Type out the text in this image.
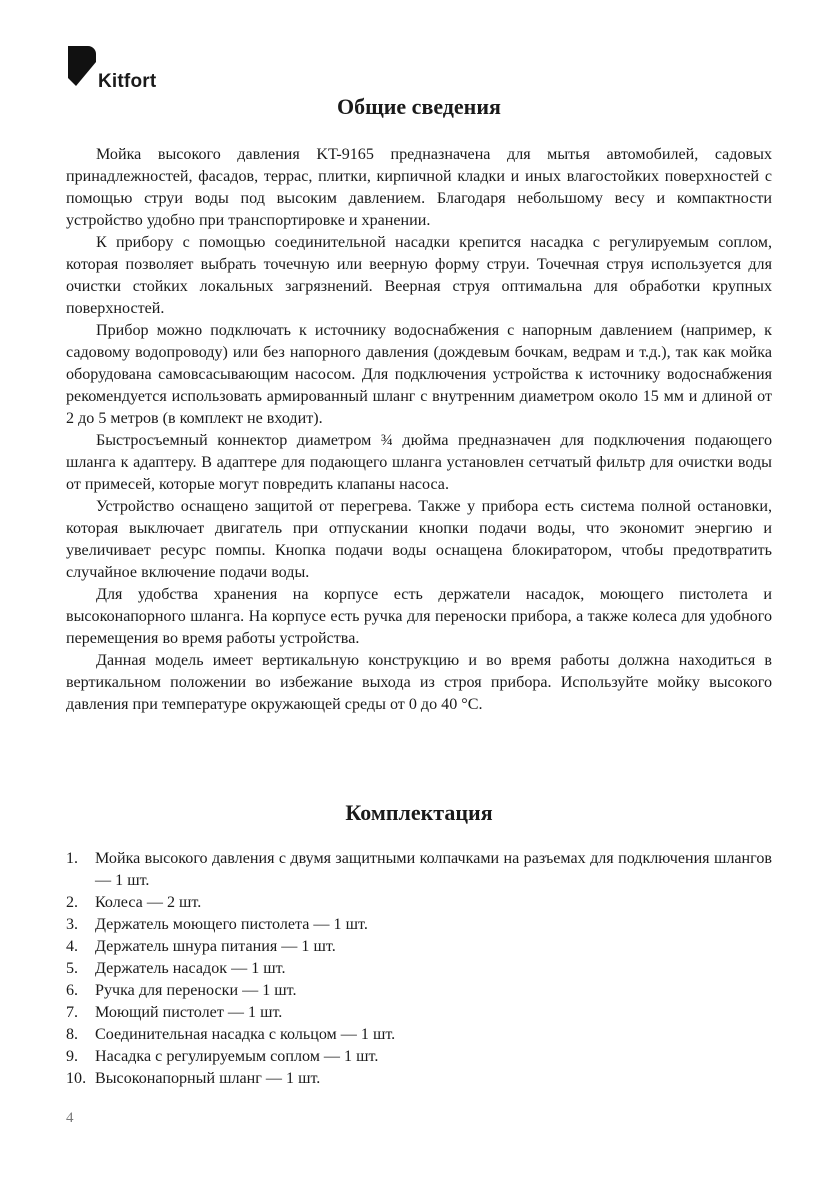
Kitfort
Общие сведения

Мойка высокого давления KT-9165 предназначена для мытья автомобилей, садовых принадлежностей, фасадов, террас, плитки, кирпичной кладки и иных влагостойких поверхностей с помощью струи воды под высоким давлением. Благодаря небольшому весу и компактности устройство удобно при транспортировке и хранении.

К прибору с помощью соединительной насадки крепится насадка с регулируемым соплом, которая позволяет выбрать точечную или веерную форму струи. Точечная струя используется для очистки стойких локальных загрязнений. Веерная струя оптимальна для обработки крупных поверхностей.

Прибор можно подключать к источнику водоснабжения с напорным давлением (например, к садовому водопроводу) или без напорного давления (дождевым бочкам, ведрам и т.д.), так как мойка оборудована самовсасывающим насосом. Для подключения устройства к источнику водоснабжения рекомендуется использовать армированный шланг с внутренним диаметром около 15 мм и длиной от 2 до 5 метров (в комплект не входит).

Быстросъемный коннектор диаметром ¾ дюйма предназначен для подключения подающего шланга к адаптеру. В адаптере для подающего шланга установлен сетчатый фильтр для очистки воды от примесей, которые могут повредить клапаны насоса.

Устройство оснащено защитой от перегрева. Также у прибора есть система полной остановки, которая выключает двигатель при отпускании кнопки подачи воды, что экономит энергию и увеличивает ресурс помпы. Кнопка подачи воды оснащена блокиратором, чтобы предотвратить случайное включение подачи воды.

Для удобства хранения на корпусе есть держатели насадок, моющего пистолета и высоконапорного шланга. На корпусе есть ручка для переноски прибора, а также колеса для удобного перемещения во время работы устройства.

Данная модель имеет вертикальную конструкцию и во время работы должна находиться в вертикальном положении во избежание выхода из строя прибора. Используйте мойку высокого давления при температуре окружающей среды от 0 до 40 °С.

Комплектация
1. Мойка высокого давления с двумя защитными колпачками на разъемах для подключения шлангов — 1 шт.
2. Колеса — 2 шт.
3. Держатель моющего пистолета — 1 шт.
4. Держатель шнура питания — 1 шт.
5. Держатель насадок — 1 шт.
6. Ручка для переноски — 1 шт.
7. Моющий пистолет — 1 шт.
8. Соединительная насадка с кольцом — 1 шт.
9. Насадка с регулируемым соплом — 1 шт.
10. Высоконапорный шланг — 1 шт.
4
